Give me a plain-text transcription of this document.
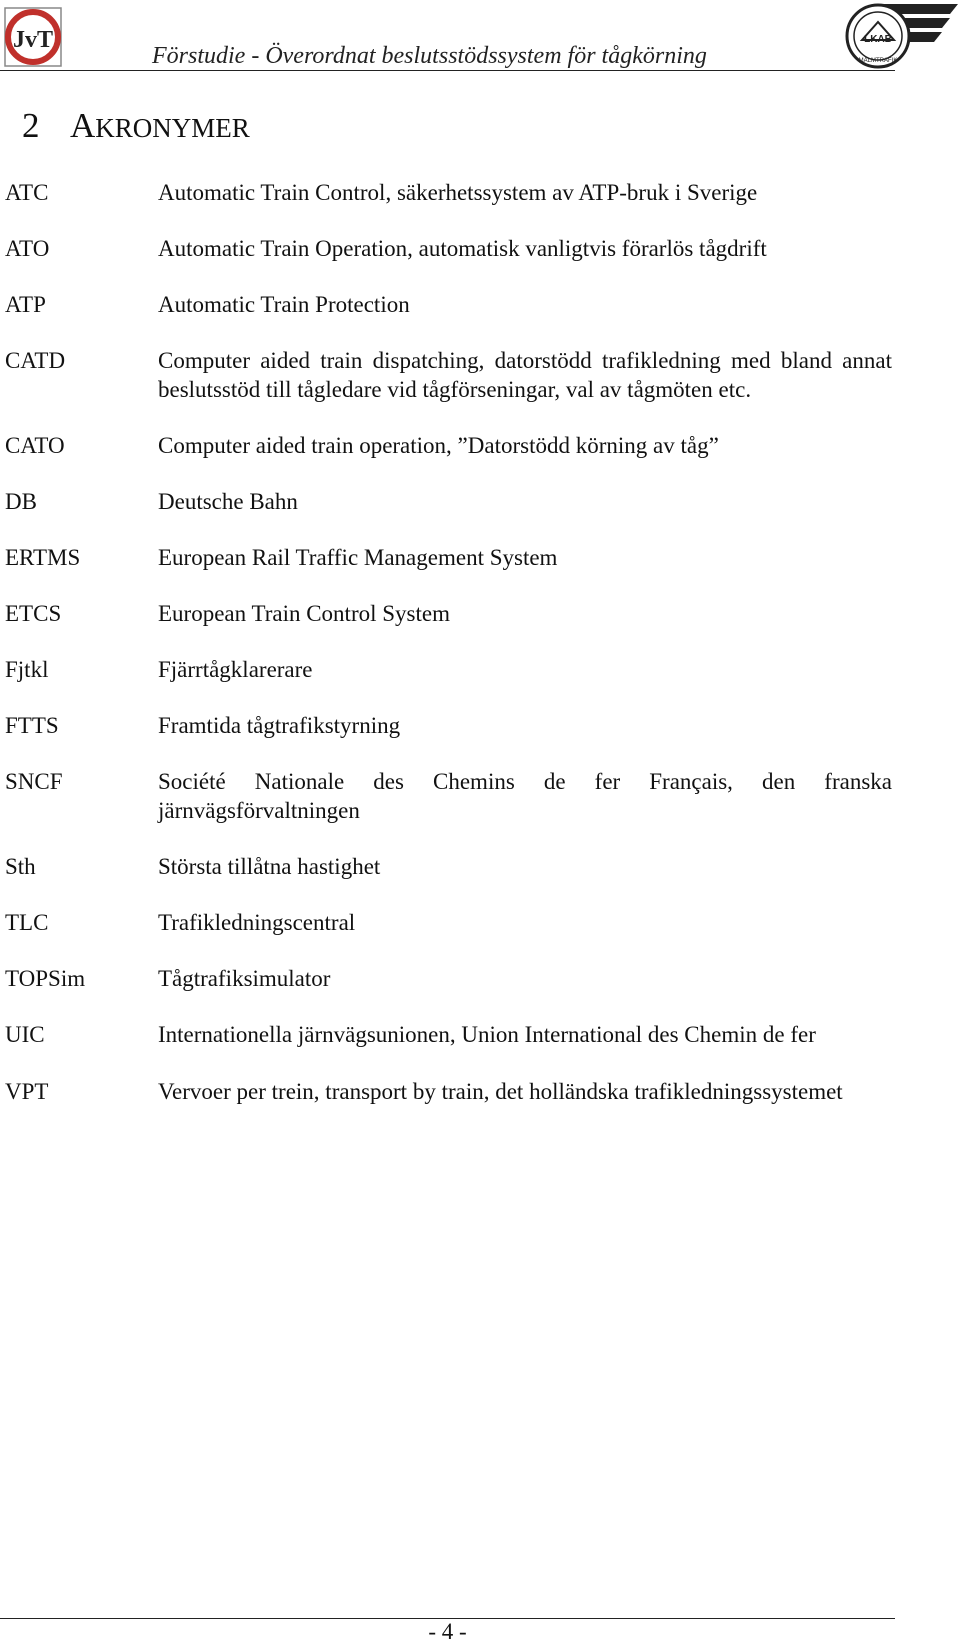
JvT
Förstudie - Överordnat beslutsstödssystem för tågkörning
LKAB
MALMTRAFIK
2 AKRONYMER
ATC	Automatic Train Control, säkerhetssystem av ATP-bruk i Sverige
ATO	Automatic Train Operation, automatisk vanligtvis förarlös tågdrift
ATP	Automatic Train Protection
CATD	Computer aided train dispatching, datorstödd trafikledning med bland annat beslutsstöd till tågledare vid tågförseningar, val av tågmöten etc.
CATO	Computer aided train operation, ”Datorstödd körning av tåg”
DB	Deutsche Bahn
ERTMS	European Rail Traffic Management System
ETCS	European Train Control System
Fjtkl	Fjärrtågklarerare
FTTS	Framtida tågtrafikstyrning
SNCF	Société Nationale des Chemins de fer Français, den franska järnvägsförvaltningen
Sth	Största tillåtna hastighet
TLC	Trafikledningscentral
TOPSim	Tågtrafiksimulator
UIC	Internationella järnvägsunionen, Union International des Chemin de fer
VPT	Vervoer per trein, transport by train, det holländska trafikledningssystemet
- 4 -
